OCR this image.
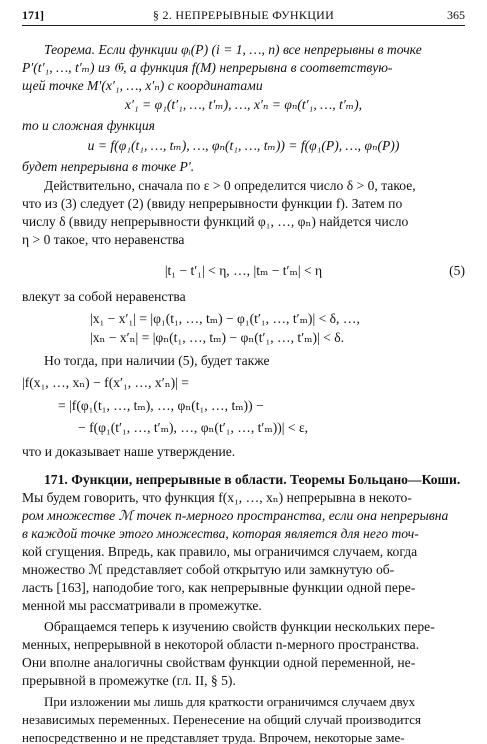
171]	§ 2. НЕПРЕРЫВНЫЕ ФУНКЦИИ	365
Теорема. Если функции φᵢ(P) (i = 1, …, n) все непрерывны в точке
P′(t′₁, …, t′ₘ) из 𝔊, а функция f(M) непрерывна в соответствую-
щей точке M′(x′₁, …, x′ₙ) с координатами
x′₁ = φ₁(t′₁, …, t′ₘ), …, x′ₙ = φₙ(t′₁, …, t′ₘ),
то и сложная функция
u = f(φ₁(t₁, …, tₘ), …, φₙ(t₁, …, tₘ)) = f(φ₁(P), …, φₙ(P))
будет непрерывна в точке P′.
Действительно, сначала по ε > 0 определится число δ > 0, такое,
что из (3) следует (2) (ввиду непрерывности функции f). Затем по
числу δ (ввиду непрерывности функций φ₁, …, φₙ) найдется число
η > 0 такое, что неравенства
|t₁ − t′₁| < η, …, |tₘ − t′ₘ| < η	(5)
влекут за собой неравенства
|x₁ − x′₁| = |φ₁(t₁, …, tₘ) − φ₁(t′₁, …, t′ₘ)| < δ, …,
|xₙ − x′ₙ| = |φₙ(t₁, …, tₘ) − φₙ(t′₁, …, t′ₘ)| < δ.
Но тогда, при наличии (5), будет также
|f(x₁, …, xₙ) − f(x′₁, …, x′ₙ)| =
= |f(φ₁(t₁, …, tₘ), …, φₙ(t₁, …, tₘ)) −
− f(φ₁(t′₁, …, t′ₘ), …, φₙ(t′₁, …, t′ₘ))| < ε,
что и доказывает наше утверждение.
171. Функции, непрерывные в области. Теоремы Больцано—Коши.
Мы будем говорить, что функция f(x₁, …, xₙ) непрерывна в некото-
ром множестве ℳ точек n-мерного пространства, если она непрерывна
в каждой точке этого множества, которая является для него точ-
кой сгущения. Впредь, как правило, мы ограничимся случаем, когда
множество ℳ представляет собой открытую или замкнутую об-
ласть [163], наподобие того, как непрерывные функции одной пере-
менной мы рассматривали в промежутке.
Обращаемся теперь к изучению свойств функции нескольких пере-
менных, непрерывной в некоторой области n-мерного пространства.
Они вполне аналогичны свойствам функции одной переменной, не-
прерывной в промежутке (гл. II, § 5).
При изложении мы лишь для краткости ограничимся случаем двух
независимых переменных. Перенесение на общий случай производится
непосредственно и не представляет труда. Впрочем, некоторые заме-
